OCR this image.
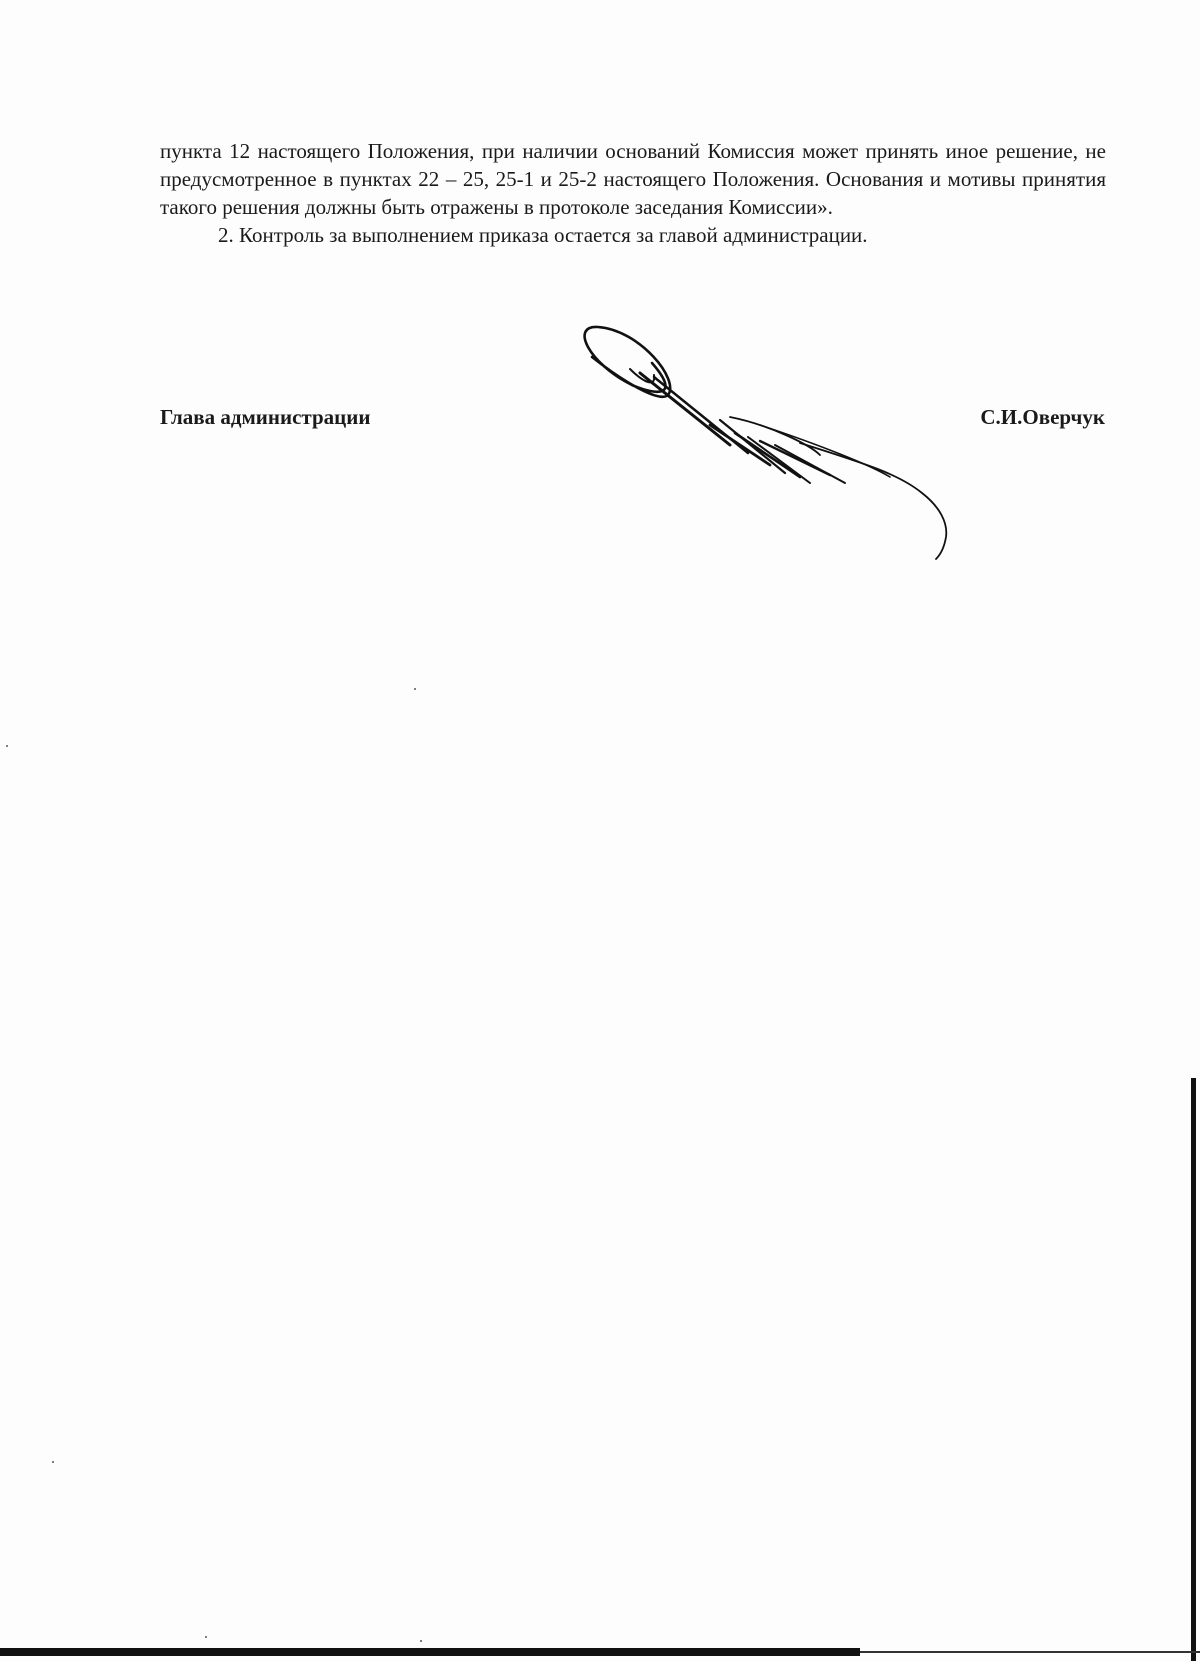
пункта 12 настоящего Положения, при наличии оснований Комиссия может принять иное решение, не предусмотренное в пунктах 22 – 25, 25-1 и 25-2 настоящего Положения. Основания и мотивы принятия такого решения должны быть отражены в протоколе заседания Комиссии».

2. Контроль за выполнением приказа остается за главой администрации.

Глава администрации	С.И.Оверчук
